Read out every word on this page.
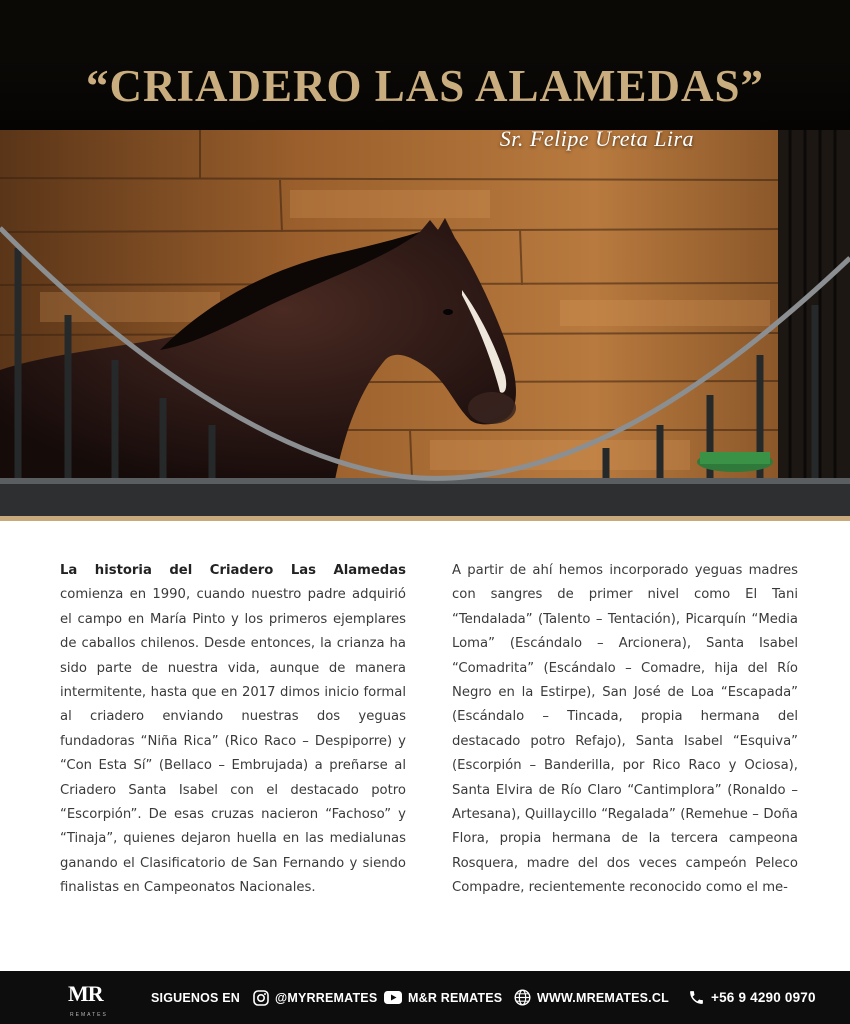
“CRIADERO LAS ALAMEDAS”
Sr. Felipe Ureta Lira
La historia del Criadero Las Alamedas comienza en 1990, cuando nuestro padre adquirió el campo en María Pinto y los primeros ejemplares de caballos chilenos. Desde entonces, la crianza ha sido parte de nuestra vida, aunque de manera intermitente, hasta que en 2017 dimos inicio formal al criadero enviando nuestras dos yeguas fundadoras “Niña Rica” (Rico Raco – Despiporre) y “Con Esta Sí” (Bellaco – Embrujada) a preñarse al Criadero Santa Isabel con el destacado potro “Escorpión”. De esas cruzas nacieron “Fachoso” y “Tinaja”, quienes dejaron huella en las medialunas ganando el Clasificatorio de San Fernando y siendo finalistas en Campeonatos Nacionales.
A partir de ahí hemos incorporado yeguas madres con sangres de primer nivel como El Tani “Tendalada” (Talento – Tentación), Picarquín “Media Loma” (Escándalo – Arcionera), Santa Isabel “Comadrita” (Escándalo – Comadre, hija del Río Negro en la Estirpe), San José de Loa “Escapada” (Escándalo – Tincada, propia hermana del destacado potro Refajo), Santa Isabel “Esquiva” (Escorpión – Banderilla, por Rico Raco y Ociosa), Santa Elvira de Río Claro “Cantimplora” (Ronaldo – Artesana), Quillaycillo “Regalada” (Remehue – Doña Flora, propia hermana de la tercera campeona Rosquera, madre del dos veces campeón Peleco Compadre, recientemente reconocido como el me-
MR
REMATES
SIGUENOS EN	@MYRREMATES M&R REMATES	WWW.MREMATES.CL	+56 9 4290 0970
